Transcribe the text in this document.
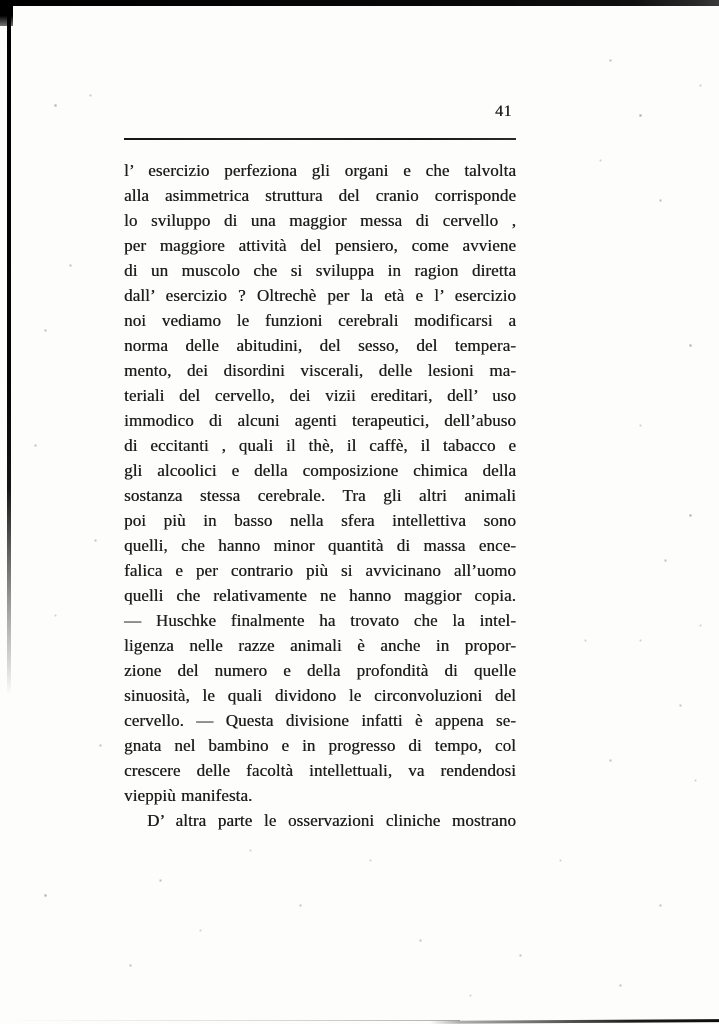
41

l’ esercizio perfeziona gli organi e che talvolta
alla asimmetrica struttura del cranio corrisponde
lo sviluppo di una maggior messa di cervello ,
per maggiore attività del pensiero, come avviene
di un muscolo che si sviluppa in ragion diretta
dall’ esercizio ? Oltrechè per la età e l’ esercizio
noi vediamo le funzioni cerebrali modificarsi a
norma delle abitudini, del sesso, del tempera-
mento, dei disordini viscerali, delle lesioni ma-
teriali del cervello, dei vizii ereditari, dell’ uso
immodico di alcuni agenti terapeutici, dell’abuso
di eccitanti , quali il thè, il caffè, il tabacco e
gli alcoolici e della composizione chimica della
sostanza stessa cerebrale. Tra gli altri animali
poi più in basso nella sfera intellettiva sono
quelli, che hanno minor quantità di massa ence-
falica e per contrario più si avvicinano all’uomo
quelli che relativamente ne hanno maggior copia.
— Huschke finalmente ha trovato che la intel-
ligenza nelle razze animali è anche in propor-
zione del numero e della profondità di quelle
sinuosità, le quali dividono le circonvoluzioni del
cervello. — Questa divisione infatti è appena se-
gnata nel bambino e in progresso di tempo, col
crescere delle facoltà intellettuali, va rendendosi
vieppiù manifesta.

D’ altra parte le osservazioni cliniche mostrano
